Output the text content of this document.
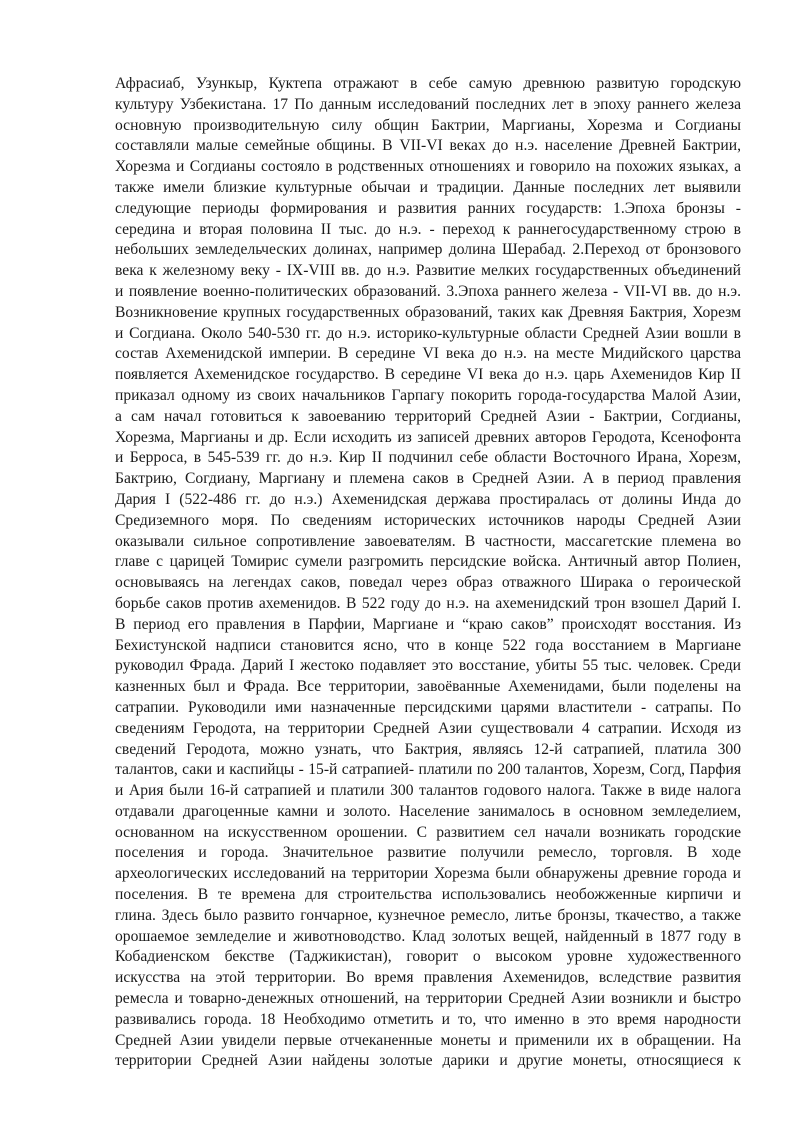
Афрасиаб, Узункыр, Куктепа отражают в себе самую древнюю развитую городскую
культуру Узбекистана. 17 По данным исследований последних лет в эпоху раннего железа
основную производительную силу общин Бактрии, Маргианы, Хорезма и Согдианы
составляли малые семейные общины. В VII-VI веках до н.э. население Древней Бактрии,
Хорезма и Согдианы состояло в родственных отношениях и говорило на похожих языках, а
также имели близкие культурные обычаи и традиции. Данные последних лет выявили
следующие периоды формирования и развития ранних государств: 1.Эпоха бронзы -
середина и вторая половина II тыс. до н.э. - переход к раннегосударственному строю в
небольших земледельческих долинах, например долина Шерабад. 2.Переход от бронзового
века к железному веку - IX-VIII вв. до н.э. Развитие мелких государственных объединений
и появление военно-политических образований. 3.Эпоха раннего железа - VII-VI вв. до н.э.
Возникновение крупных государственных образований, таких как Древняя Бактрия, Хорезм
и Согдиана. Около 540-530 гг. до н.э. историко-культурные области Средней Азии вошли в
состав Ахеменидской империи. В середине VI века до н.э. на месте Мидийского царства
появляется Ахеменидское государство. В середине VI века до н.э. царь Ахеменидов Кир II
приказал одному из своих начальников Гарпагу покорить города-государства Малой Азии,
а сам начал готовиться к завоеванию территорий Средней Азии - Бактрии, Согдианы,
Хорезма, Маргианы и др. Если исходить из записей древних авторов Геродота, Ксенофонта
и Берроса, в 545-539 гг. до н.э. Кир II подчинил себе области Восточного Ирана, Хорезм,
Бактрию, Согдиану, Маргиану и племена саков в Средней Азии. А в период правления
Дария I (522-486 гг. до н.э.) Ахеменидская держава простиралась от долины Инда до
Средиземного моря. По сведениям исторических источников народы Средней Азии
оказывали сильное сопротивление завоевателям. В частности, массагетские племена во
главе с царицей Томирис сумели разгромить персидские войска. Античный автор Полиен,
основываясь на легендах саков, поведал через образ отважного Ширака о героической
борьбе саков против ахеменидов. В 522 году до н.э. на ахеменидский трон взошел Дарий I.
В период его правления в Парфии, Маргиане и “краю саков” происходят восстания. Из
Бехистунской надписи становится ясно, что в конце 522 года восстанием в Маргиане
руководил Фрада. Дарий I жестоко подавляет это восстание, убиты 55 тыс. человек. Среди
казненных был и Фрада. Все территории, завоёванные Ахеменидами, были поделены на
сатрапии. Руководили ими назначенные персидскими царями властители - сатрапы. По
сведениям Геродота, на территории Средней Азии существовали 4 сатрапии. Исходя из
сведений Геродота, можно узнать, что Бактрия, являясь 12-й сатрапией, платила 300
талантов, саки и каспийцы - 15-й сатрапией- платили по 200 талантов, Хорезм, Согд, Парфия
и Ария были 16-й сатрапией и платили 300 талантов годового налога. Также в виде налога
отдавали драгоценные камни и золото. Население занималось в основном земледелием,
основанном на искусственном орошении. С развитием сел начали возникать городские
поселения и города. Значительное развитие получили ремесло, торговля. В ходе
археологических исследований на территории Хорезма были обнаружены древние города и
поселения. В те времена для строительства использовались необожженные кирпичи и
глина. Здесь было развито гончарное, кузнечное ремесло, литье бронзы, ткачество, а также
орошаемое земледелие и животноводство. Клад золотых вещей, найденный в 1877 году в
Кобадиенском бекстве (Таджикистан), говорит о высоком уровне художественного
искусства на этой территории. Во время правления Ахеменидов, вследствие развития
ремесла и товарно-денежных отношений, на территории Средней Азии возникли и быстро
развивались города. 18 Необходимо отметить и то, что именно в это время народности
Средней Азии увидели первые отчеканенные монеты и применили их в обращении. На
территории Средней Азии найдены золотые дарики и другие монеты, относящиеся к
